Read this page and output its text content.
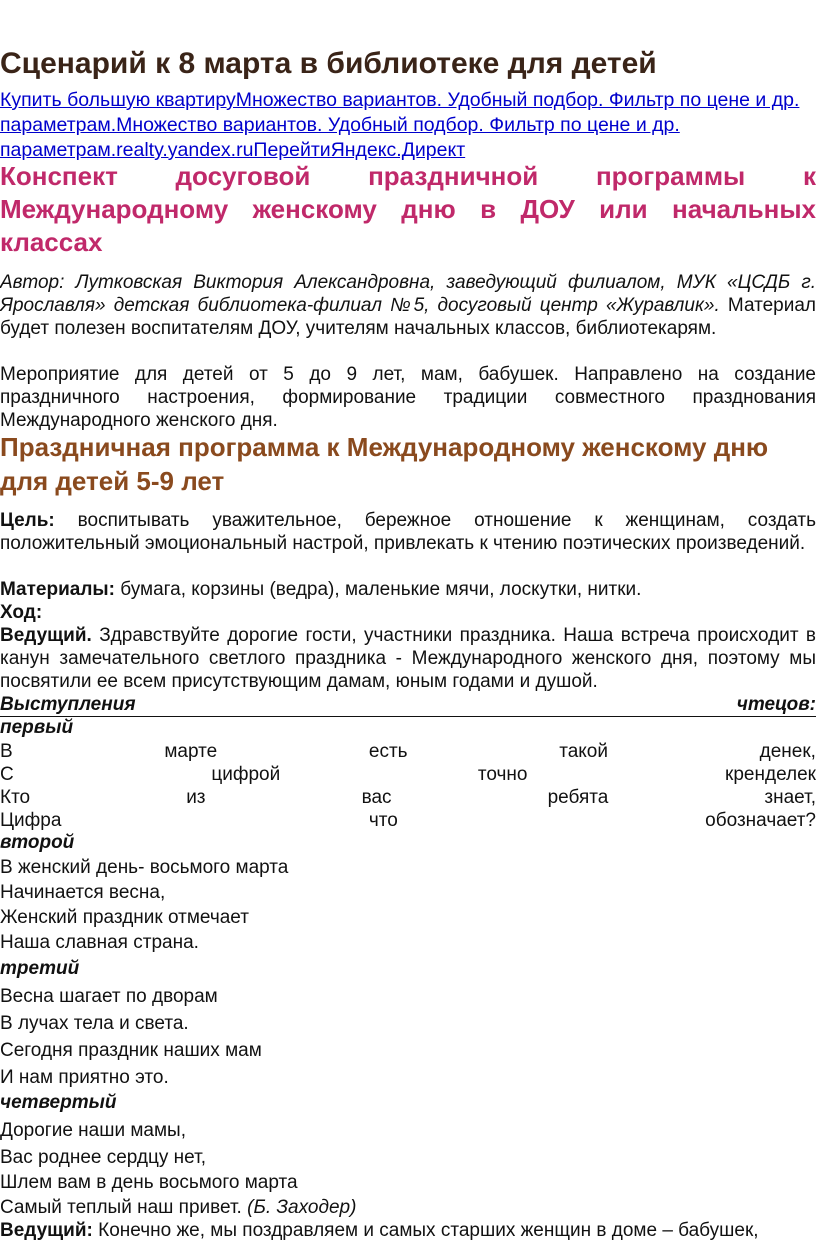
Сценарий к 8 марта в библиотеке для детей
Купить большую квартируМножество вариантов. Удобный подбор. Фильтр по цене и др. параметрам.Множество вариантов. Удобный подбор. Фильтр по цене и др. параметрам.realty.yandex.ruПерейтиЯндекс.Директ
Конспект досуговой праздничной программы к Международному женскому дню в ДОУ или начальных классах
Автор: Лутковская Виктория Александровна, заведующий филиалом, МУК «ЦСДБ г. Ярославля» детская библиотека-филиал №5, досуговый центр «Журавлик». Материал будет полезен воспитателям ДОУ, учителям начальных классов, библиотекарям.
Мероприятие для детей от 5 до 9 лет, мам, бабушек. Направлено на создание праздничного настроения, формирование традиции совместного празднования Международного женского дня.
Праздничная программа к Международному женскому дню для детей 5-9 лет
Цель: воспитывать уважительное, бережное отношение к женщинам, создать положительный эмоциональный настрой, привлекать к чтению поэтических произведений.
Материалы: бумага, корзины (ведра), маленькие мячи, лоскутки, нитки.
Ход:
Ведущий. Здравствуйте дорогие гости, участники праздника. Наша встреча происходит в канун замечательного светлого праздника - Международного женского дня, поэтому мы посвятили ее всем присутствующим дамам, юным годами и душой.
Выступления	чтецов:
первый
В	марте	есть	такой	денек,
С	цифрой	точно	кренделек
Кто	из	вас	ребята	знает,
Цифра	что	обозначает?
второй
В женский день- восьмого марта
Начинается весна,
Женский праздник отмечает
Наша славная страна.
третий
Весна шагает по дворам
В лучах тела и света.
Сегодня праздник наших мам
И нам приятно это.
четвертый
Дорогие наши мамы,
Вас роднее сердцу нет,
Шлем вам в день восьмого марта
Самый теплый наш привет. (Б. Заходер)
Ведущий: Конечно же, мы поздравляем и самых старших женщин в доме – бабушек,
